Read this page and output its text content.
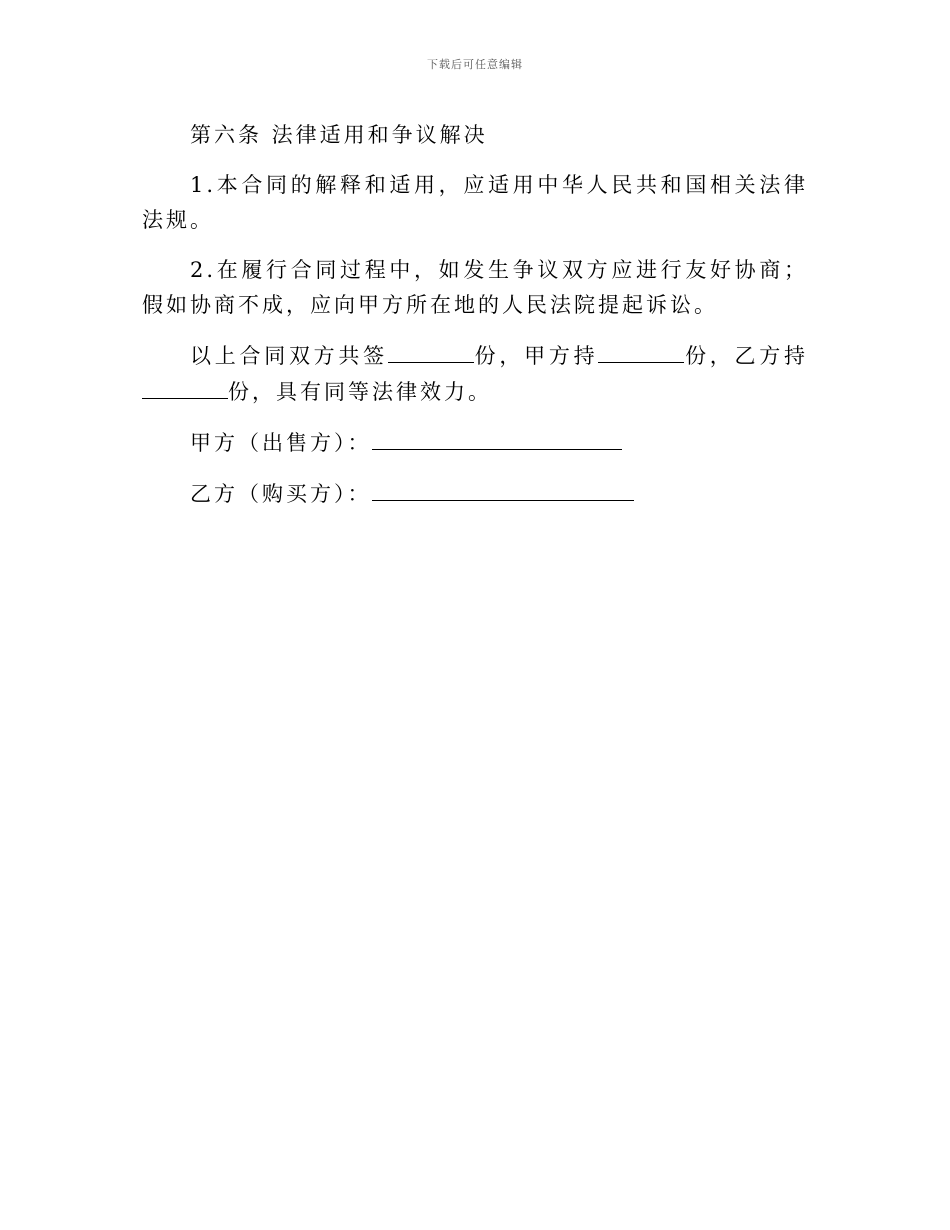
下载后可任意编辑

第六条 法律适用和争议解决

1.本合同的解释和适用，应适用中华人民共和国相关法律法规。

2.在履行合同过程中，如发生争议双方应进行友好协商；假如协商不成，应向甲方所在地的人民法院提起诉讼。

以上合同双方共签	份，甲方持	份，乙方持份，具有同等法律效力。

甲方（出售方）：

乙方（购买方）：
